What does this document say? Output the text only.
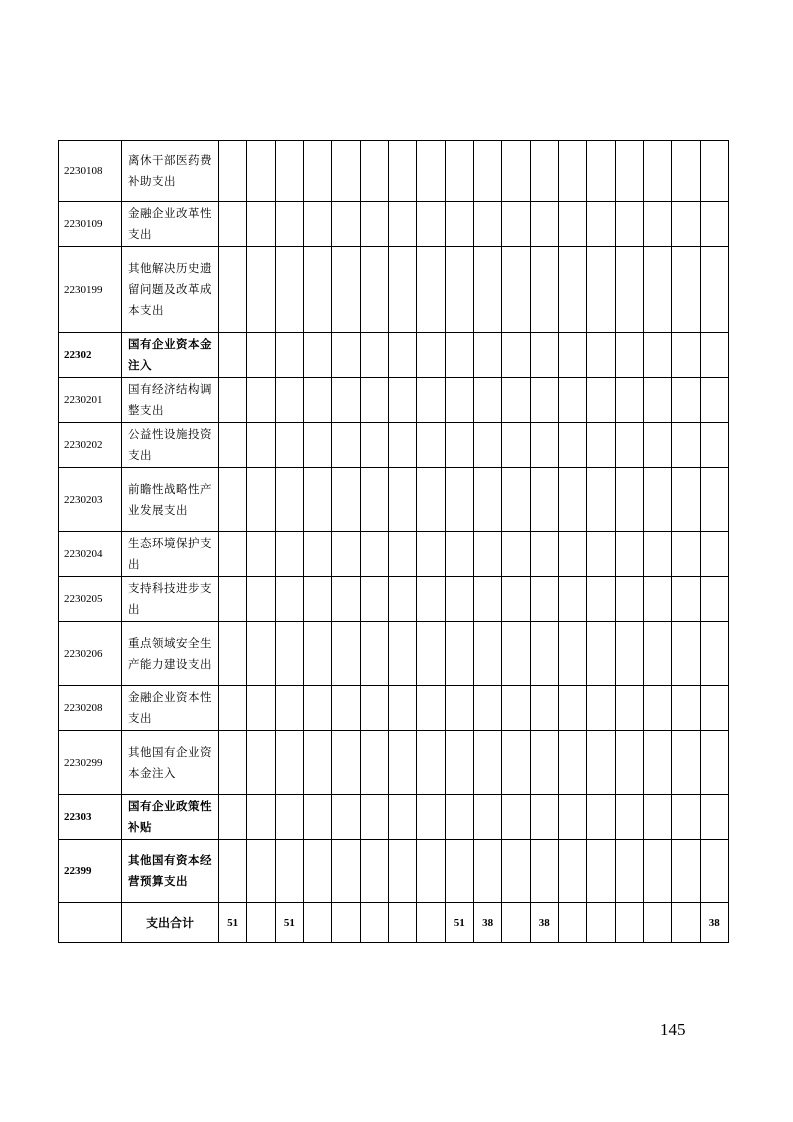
2230108	离休干部医药费补助支出																		
2230109	金融企业改革性支出																		
2230199	其他解决历史遗留问题及改革成本支出																		
22302	国有企业资本金注入																		
2230201	国有经济结构调整支出																		
2230202	公益性设施投资支出																		
2230203	前瞻性战略性产业发展支出																		
2230204	生态环境保护支出																		
2230205	支持科技进步支出																		
2230206	重点领域安全生产能力建设支出																		
2230208	金融企业资本性支出																		
2230299	其他国有企业资本金注入																		
22303	国有企业政策性补贴																		
22399	其他国有资本经营预算支出																		
	支出合计	51		51						51	38		38						38
145
